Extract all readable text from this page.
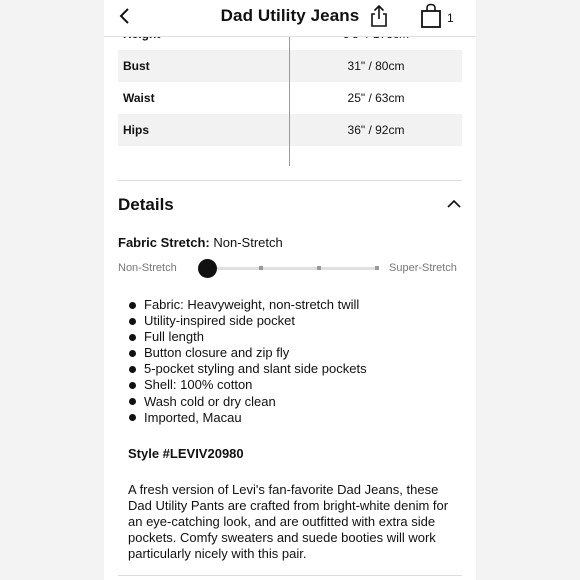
Bust	31" / 80cm
Waist	25" / 63cm
Hips	36" / 92cm
Dad Utility Jeans	1
Details
Fabric Stretch: Non-Stretch
Non-Stretch	Super-Stretch
Fabric: Heavyweight, non-stretch twill
Utility-inspired side pocket
Full length
Button closure and zip fly
5-pocket styling and slant side pockets
Shell: 100% cotton
Wash cold or dry clean
Imported, Macau
Style #LEVIV20980

A fresh version of Levi's fan-favorite Dad Jeans, these Dad Utility Pants are crafted from bright-white denim for an eye-catching look, and are outfitted with extra side pockets. Comfy sweaters and suede booties will work particularly nicely with this pair.
